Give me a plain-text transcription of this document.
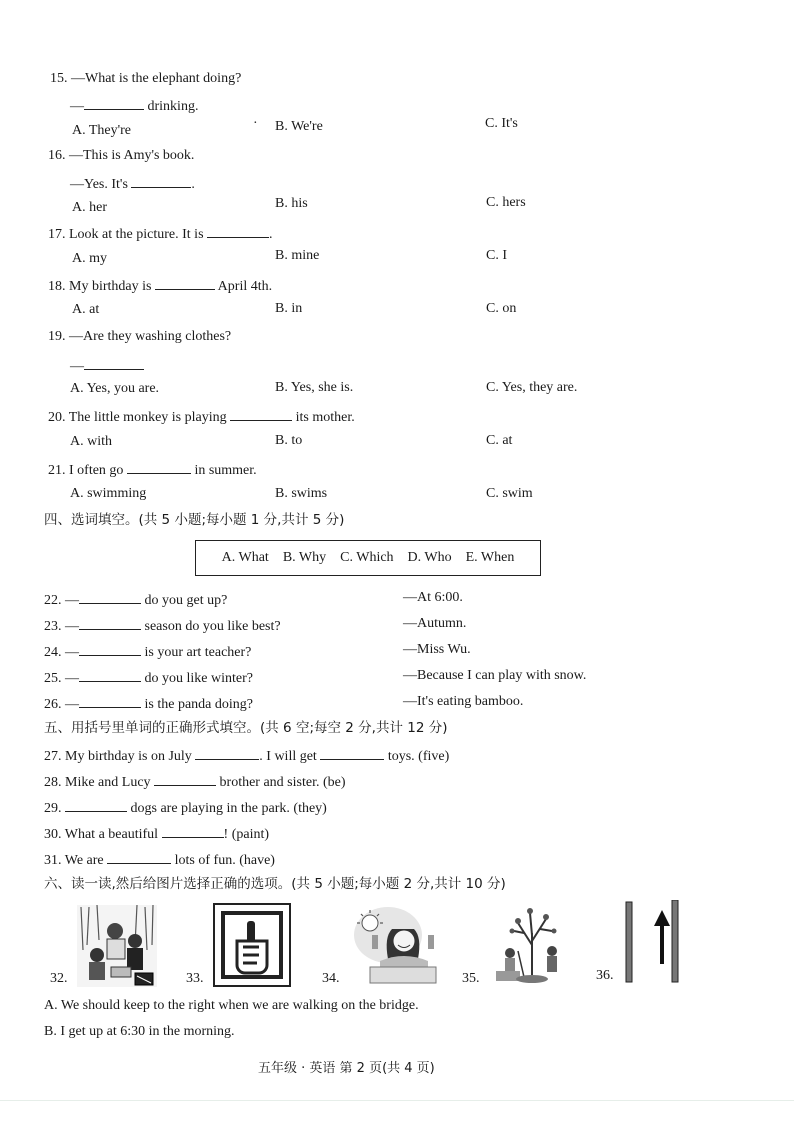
15. —What is the elephant doing?
—	drinking.
A. They're	· B. We're	C. It's
16. —This is Amy's book.
—Yes. It's	.
A. her	B. his	C. hers
17. Look at the picture. It is	.
A. my	B. mine	C. I
18. My birthday is	April 4th.
A. at	B. in	C. on
19. —Are they washing clothes?
—
A. Yes, you are.	B. Yes, she is.	C. Yes, they are.
20. The little monkey is playing	its mother.
A. with	B. to	C. at
21. I often go	in summer.
A. swimming	B. swims	C. swim
四、选词填空。(共 5 小题;每小题 1 分,共计 5 分)
A. What B. Why C. Which D. Who E. When
22. —	do you get up?	—At 6:00.
23. —	season do you like best?	—Autumn.
24. —	is your art teacher?	—Miss Wu.
25. —	do you like winter?	—Because I can play with snow.
26. —	is the panda doing?	—It's eating bamboo.
五、用括号里单词的正确形式填空。(共 6 空;每空 2 分,共计 12 分)
27. My birthday is on July	. I will get	toys. (five)
28. Mike and Lucy	brother and sister. (be)
29.	dogs are playing in the park. (they)
30. What a beautiful	! (paint)
31. We are	lots of fun. (have)
六、读一读,然后给图片选择正确的选项。(共 5 小题;每小题 2 分,共计 10 分)
32.	33.	34.	35.	36.
A. We should keep to the right when we are walking on the bridge.
B. I get up at 6:30 in the morning.
五年级 · 英语 第 2 页(共 4 页)
